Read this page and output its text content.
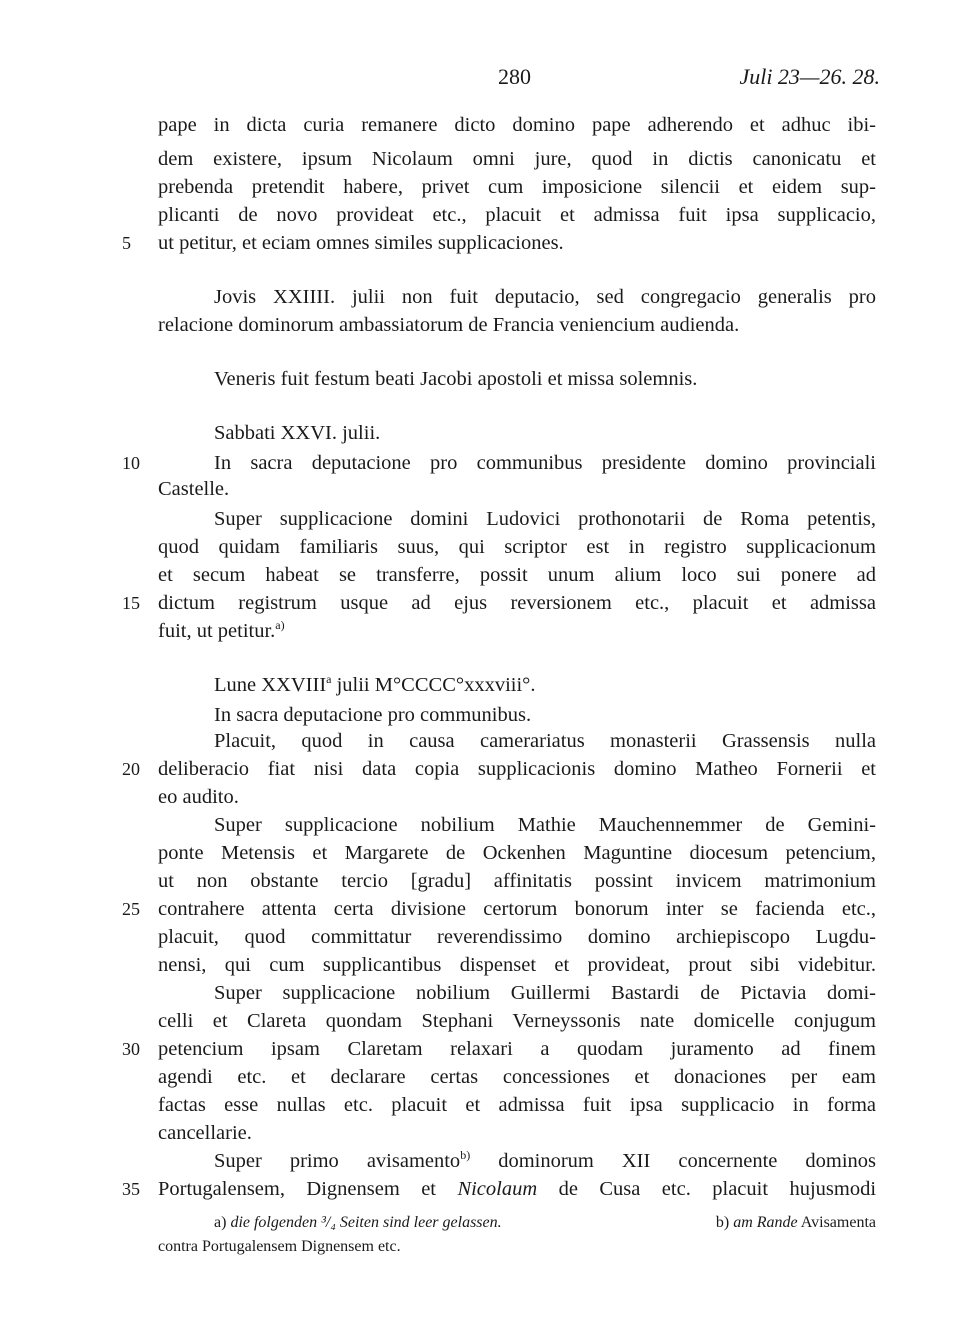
280	Juli 23—26. 28.
pape in dicta curia remanere dicto domino pape adherendo et adhuc ibi-
dem existere, ipsum Nicolaum omni jure, quod in dictis canonicatu et
prebenda pretendit habere, privet cum imposicione silencii et eidem sup-
plicanti de novo provideat etc., placuit et admissa fuit ipsa supplicacio,
5 ut petitur, et eciam omnes similes supplicaciones.
Jovis XXIIII. julii non fuit deputacio, sed congregacio generalis pro
relacione dominorum ambassiatorum de Francia veniencium audienda.
Veneris fuit festum beati Jacobi apostoli et missa solemnis.
Sabbati XXVI. julii.
10	In sacra deputacione pro communibus presidente domino provinciali
Castelle.
Super supplicacione domini Ludovici prothonotarii de Roma petentis,
quod quidam familiaris suus, qui scriptor est in registro supplicacionum
et secum habeat se transferre, possit unum alium loco sui ponere ad
15 dictum registrum usque ad ejus reversionem etc., placuit et admissa
fuit, ut petitur.$^{a)}$
Lune XXVIII$^a$ julii M°CCCC°xxxviii°.
In sacra deputacione pro communibus.
Placuit, quod in causa camerariatus monasterii Grassensis nulla
20 deliberacio fiat nisi data copia supplicacionis domino Matheo Fornerii et
eo audito.
Super supplicacione nobilium Mathie Mauchennemmer de Gemini-
ponte Metensis et Margarete de Ockenhen Maguntine diocesum petencium,
ut non obstante tercio [gradu] affinitatis possint invicem matrimonium
25 contrahere attenta certa divisione certorum bonorum inter se facienda etc.,
placuit, quod committatur reverendissimo domino archiepiscopo Lugdu-
nensi, qui cum supplicantibus dispenset et provideat, prout sibi videbitur.
Super supplicacione nobilium Guillermi Bastardi de Pictavia domi-
celli et Clareta quondam Stephani Verneyssonis nate domicelle conjugum
30 petencium ipsam Claretam relaxari a quodam juramento ad finem
agendi etc. et declarare certas concessiones et donaciones per eam
factas esse nullas etc. placuit et admissa fuit ipsa supplicacio in forma
cancellarie.
Super primo avisamento$^{b)}$ dominorum XII concernente dominos
35 Portugalensem, Dignensem et Nicolaum de Cusa etc. placuit hujusmodi
a) die folgenden ³/₄ Seiten sind leer gelassen.	b) am Rande Avisamenta
contra Portugalensem Dignensem etc.
